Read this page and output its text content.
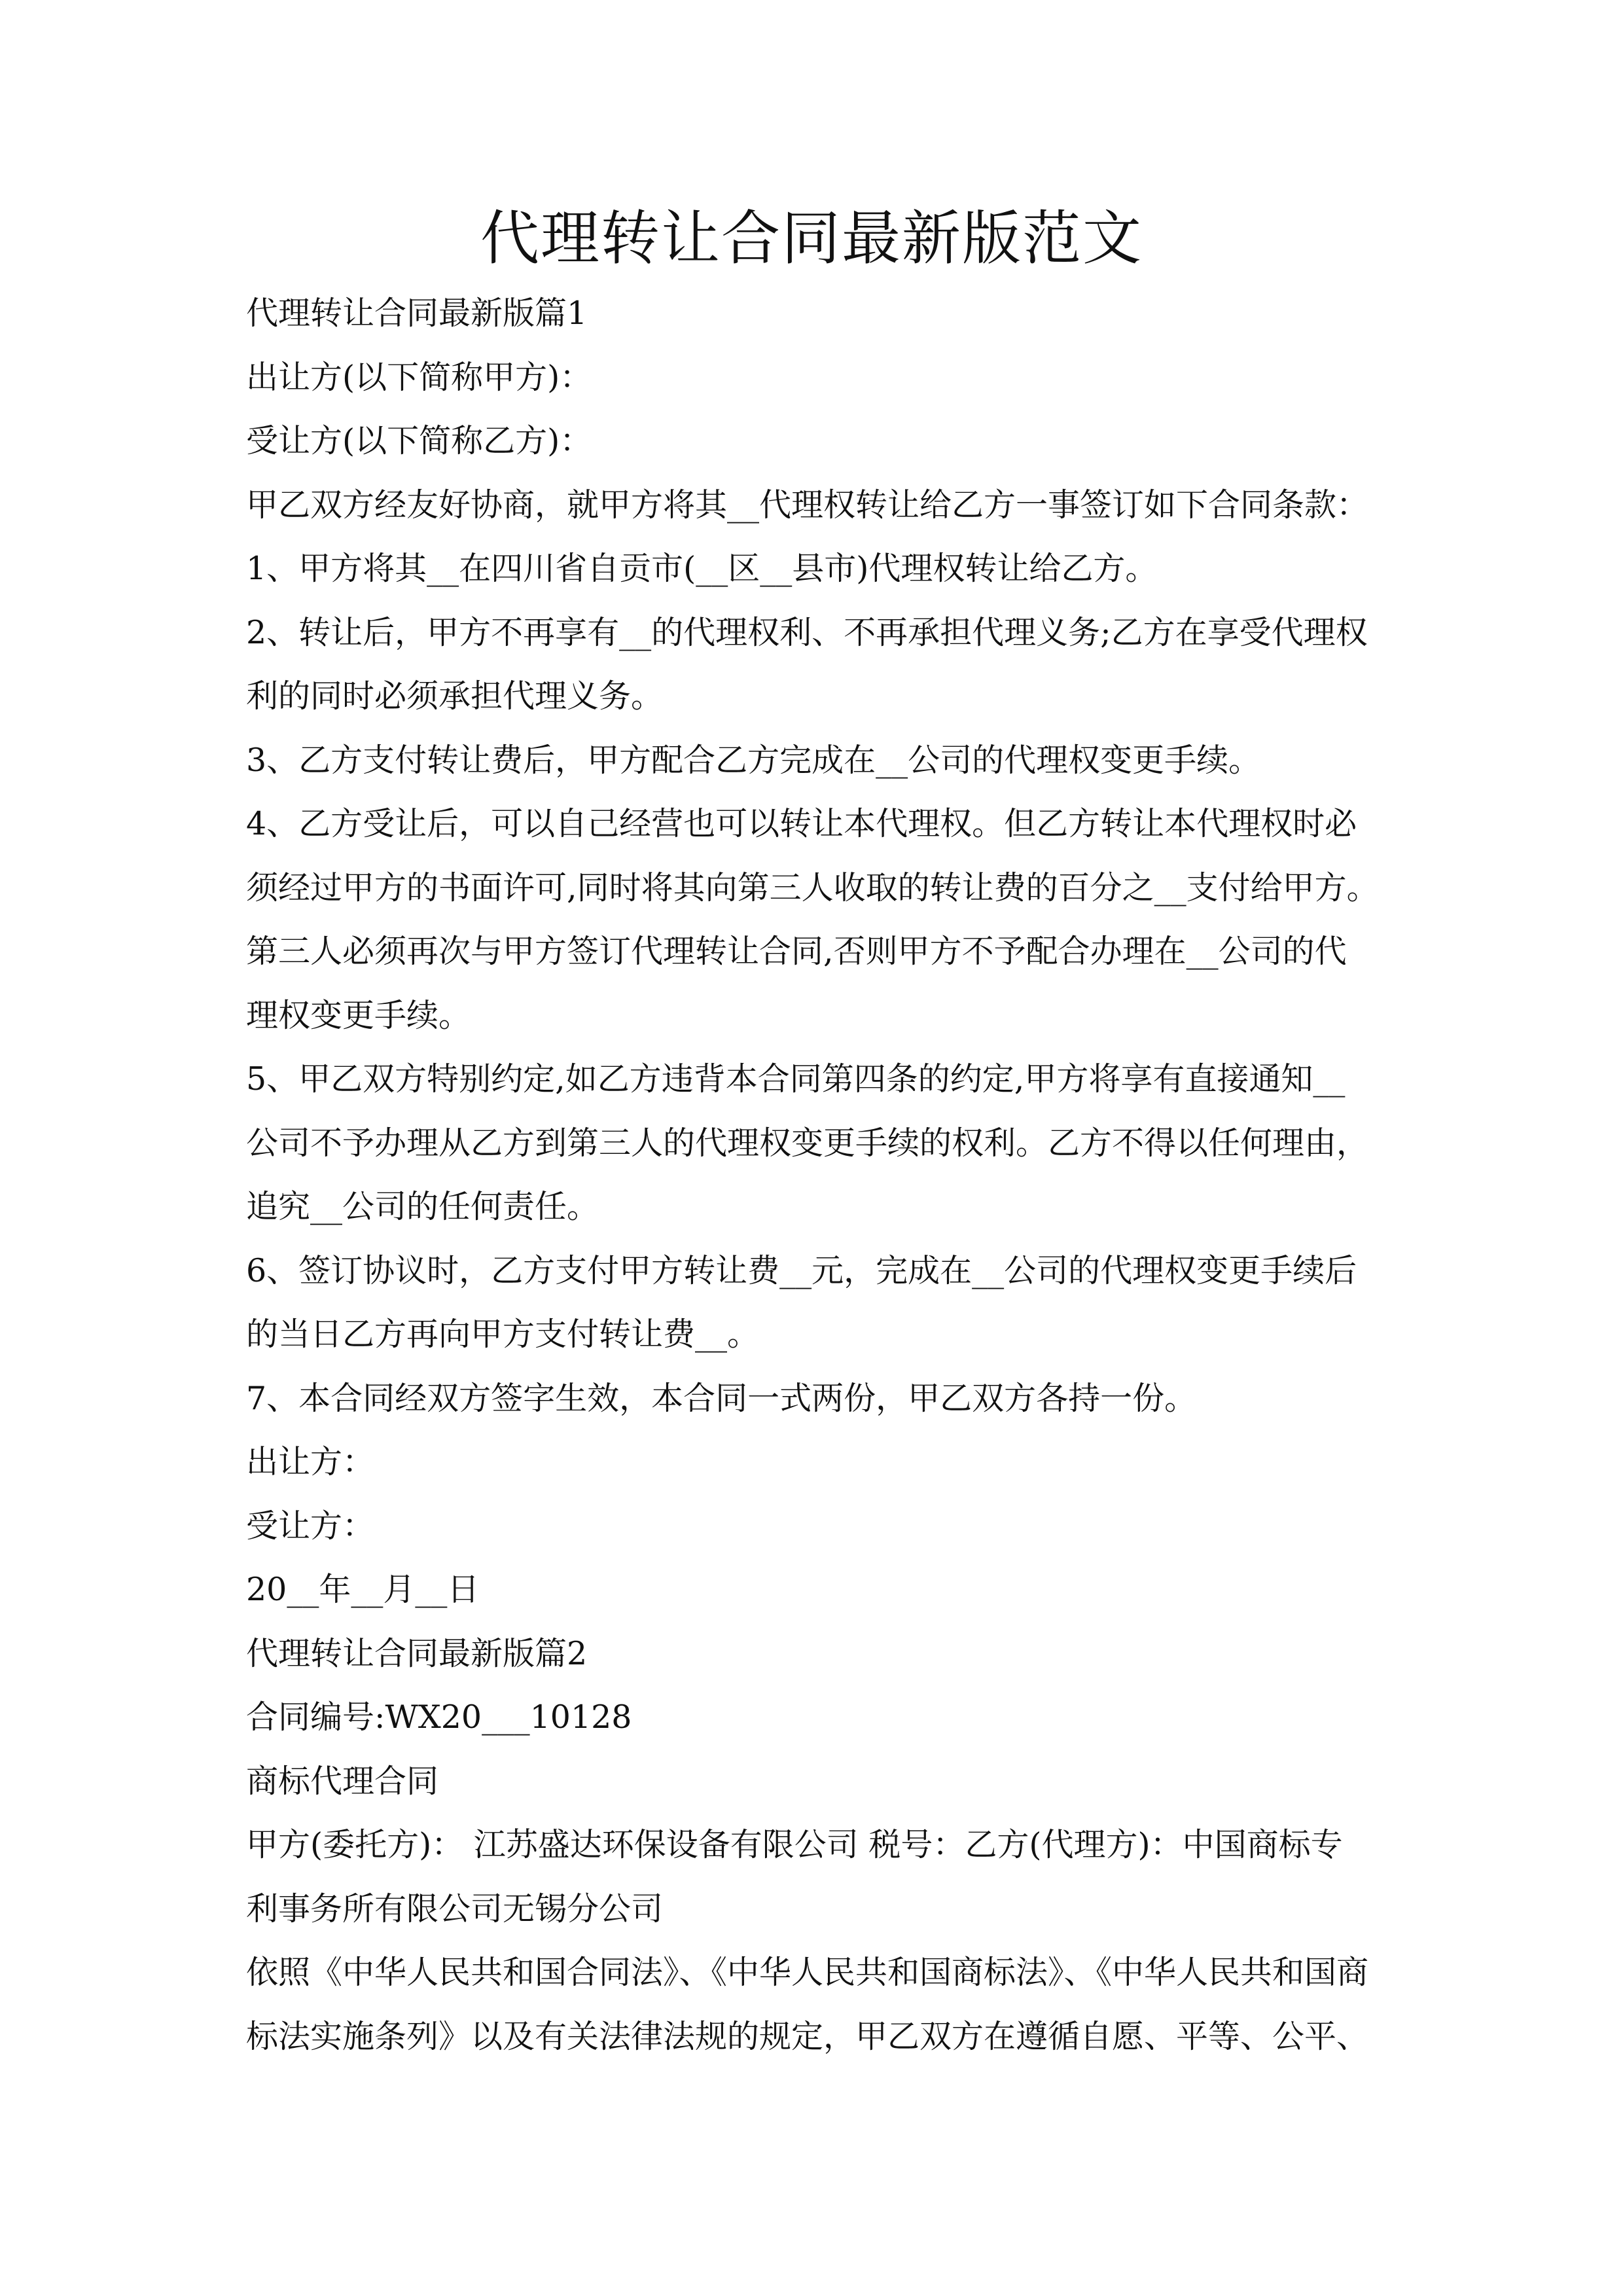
代理转让合同最新版范文
代理转让合同最新版篇1
出让方(以下简称甲方)：
受让方(以下简称乙方)：
甲乙双方经友好协商，就甲方将其__代理权转让给乙方一事签订如下合同条款：
1、甲方将其__在四川省自贡市(__区__县市)代理权转让给乙方。
2、转让后，甲方不再享有__的代理权利、不再承担代理义务;乙方在享受代理权
利的同时必须承担代理义务。
3、乙方支付转让费后，甲方配合乙方完成在__公司的代理权变更手续。
4、乙方受让后，可以自己经营也可以转让本代理权。但乙方转让本代理权时必
须经过甲方的书面许可,同时将其向第三人收取的转让费的百分之__支付给甲方。
第三人必须再次与甲方签订代理转让合同,否则甲方不予配合办理在__公司的代
理权变更手续。
5、甲乙双方特别约定,如乙方违背本合同第四条的约定,甲方将享有直接通知__
公司不予办理从乙方到第三人的代理权变更手续的权利。乙方不得以任何理由，
追究__公司的任何责任。
6、签订协议时，乙方支付甲方转让费__元，完成在__公司的代理权变更手续后
的当日乙方再向甲方支付转让费__。
7、本合同经双方签字生效，本合同一式两份，甲乙双方各持一份。
出让方：
受让方：
20__年__月__日
代理转让合同最新版篇2
合同编号:WX20___10128
商标代理合同
甲方(委托方)： 江苏盛达环保设备有限公司 税号：乙方(代理方)：中国商标专
利事务所有限公司无锡分公司
依照《中华人民共和国合同法》、《中华人民共和国商标法》、《中华人民共和国商
标法实施条列》以及有关法律法规的规定，甲乙双方在遵循自愿、平等、公平、
